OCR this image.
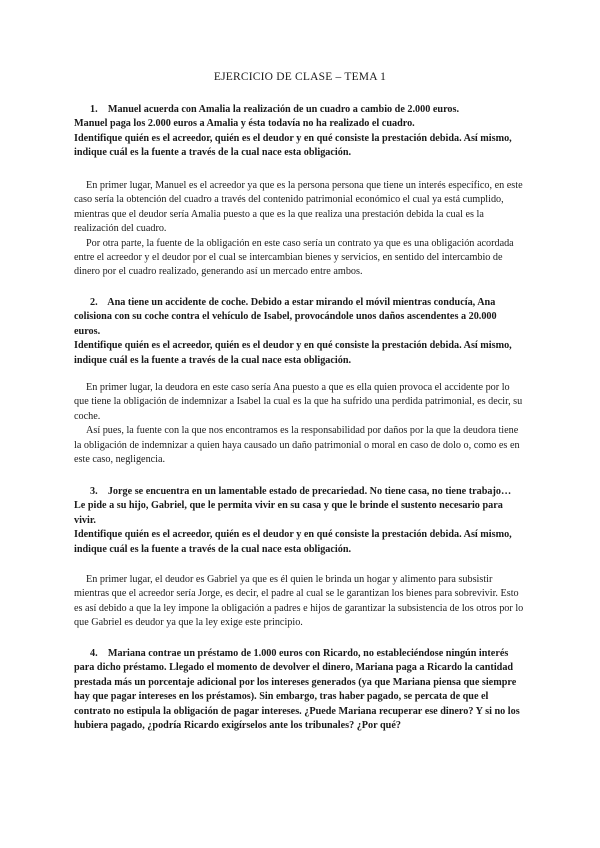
EJERCICIO DE CLASE – TEMA 1

1. Manuel acuerda con Amalia la realización de un cuadro a cambio de 2.000 euros.

Manuel paga los 2.000 euros a Amalia y ésta todavía no ha realizado el cuadro.

Identifique quién es el acreedor, quién es el deudor y en qué consiste la prestación debida. Así mismo, indique cuál es la fuente a través de la cual nace esta obligación.

En primer lugar, Manuel es el acreedor ya que es la persona persona que tiene un interés específico, en este caso sería la obtención del cuadro a través del contenido patrimonial económico el cual ya está cumplido, mientras que el deudor sería Amalia puesto a que es la que realiza una prestación debida la cual es la realización del cuadro.

Por otra parte, la fuente de la obligación en este caso sería un contrato ya que es una obligación acordada entre el acreedor y el deudor por el cual se intercambian bienes y servicios, en sentido del intercambio de dinero por el cuadro realizado, generando así un mercado entre ambos.

2. Ana tiene un accidente de coche. Debido a estar mirando el móvil mientras conducía, Ana colisiona con su coche contra el vehículo de Isabel, provocándole unos daños ascendentes a 20.000 euros.

Identifique quién es el acreedor, quién es el deudor y en qué consiste la prestación debida. Así mismo, indique cuál es la fuente a través de la cual nace esta obligación.

En primer lugar, la deudora en este caso sería Ana puesto a que es ella quien provoca el accidente por lo que tiene la obligación de indemnizar a Isabel la cual es la que ha sufrido una perdida patrimonial, es decir, su coche.

Así pues, la fuente con la que nos encontramos es la responsabilidad por daños por la que la deudora tiene la obligación de indemnizar a quien haya causado un daño patrimonial o moral en caso de dolo o, como es en este caso, negligencia.

3. Jorge se encuentra en un lamentable estado de precariedad. No tiene casa, no tiene trabajo… Le pide a su hijo, Gabriel, que le permita vivir en su casa y que le brinde el sustento necesario para vivir.

Identifique quién es el acreedor, quién es el deudor y en qué consiste la prestación debida. Así mismo, indique cuál es la fuente a través de la cual nace esta obligación.

En primer lugar, el deudor es Gabriel ya que es él quien le brinda un hogar y alimento para subsistir mientras que el acreedor sería Jorge, es decir, el padre al cual se le garantizan los bienes para sobrevivir. Esto es así debido a que la ley impone la obligación a padres e hijos de garantizar la subsistencia de los otros por lo que Gabriel es deudor ya que la ley exige este principio.

4. Mariana contrae un préstamo de 1.000 euros con Ricardo, no estableciéndose ningún interés para dicho préstamo. Llegado el momento de devolver el dinero, Mariana paga a Ricardo la cantidad prestada más un porcentaje adicional por los intereses generados (ya que Mariana piensa que siempre hay que pagar intereses en los préstamos). Sin embargo, tras haber pagado, se percata de que el contrato no estipula la obligación de pagar intereses. ¿Puede Mariana recuperar ese dinero? Y si no los hubiera pagado, ¿podría Ricardo exigírselos ante los tribunales? ¿Por qué?
